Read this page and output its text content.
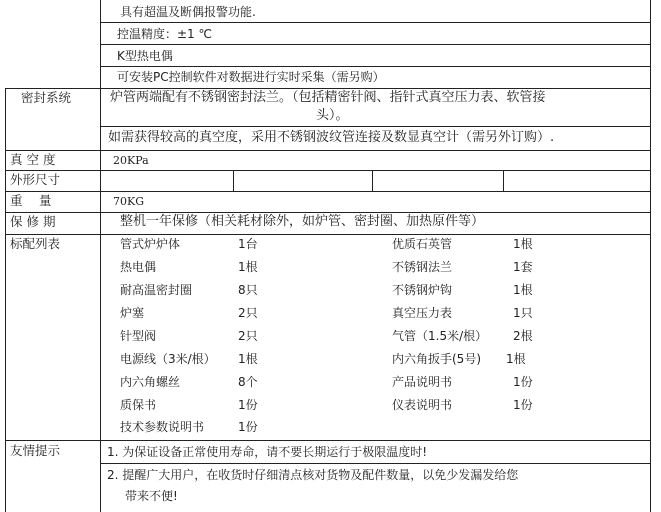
具有超温及断偶报警功能.
控温精度：±1 ℃
K型热电偶
可安装PC控制软件对数据进行实时采集（需另购）
密封系统	炉管两端配有不锈钢密封法兰。（包括精密针阀、指针式真空压力表、软管接
头）。
如需获得较高的真空度，采用不锈钢波纹管连接及数显真空计（需另外订购）.
真 空 度	20KPa
外形尺寸
重　 量	70KG
保 修 期	整机一年保修（相关耗材除外，如炉管、密封圈、加热原件等）
标配列表	管式炉炉体	1台	优质石英管	1根
热电偶	1根	不锈钢法兰	1套
耐高温密封圈	8只	不锈钢炉钩	1根
炉塞	2只	真空压力表	1只
针型阀	2只	气管（1.5米/根） 2根
电源线（3米/根） 1根	内六角扳手(5号) 1根
内六角螺丝	8个	产品说明书	1份
质保书	1份	仪表说明书	1份
技术参数说明书	1份
友情提示	1. 为保证设备正常使用寿命，请不要长期运行于极限温度时!
2. 提醒广大用户，在收货时仔细清点核对货物及配件数量，以免少发漏发给您
带来不便!
